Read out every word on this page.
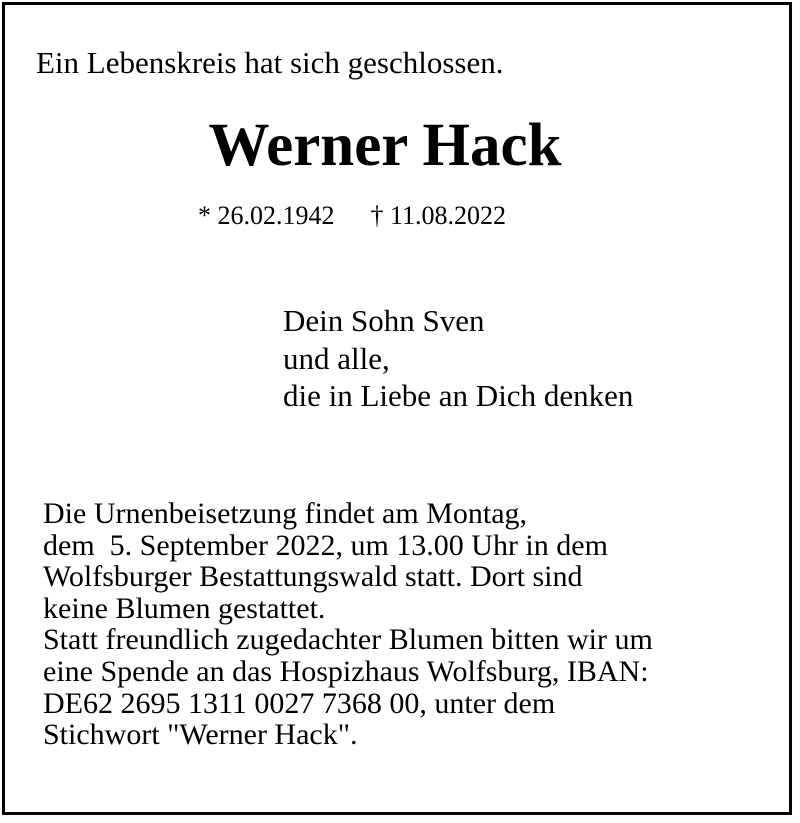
Ein Lebenskreis hat sich geschlossen.
Werner Hack
* 26.02.1942 † 11.08.2022
Dein Sohn Sven
und alle,
die in Liebe an Dich denken
Die Urnenbeisetzung findet am Montag,
dem  5. September 2022, um 13.00 Uhr in dem
Wolfsburger Bestattungswald statt. Dort sind
keine Blumen gestattet.
Statt freundlich zugedachter Blumen bitten wir um
eine Spende an das Hospizhaus Wolfsburg, IBAN:
DE62 2695 1311 0027 7368 00, unter dem
Stichwort "Werner Hack".
